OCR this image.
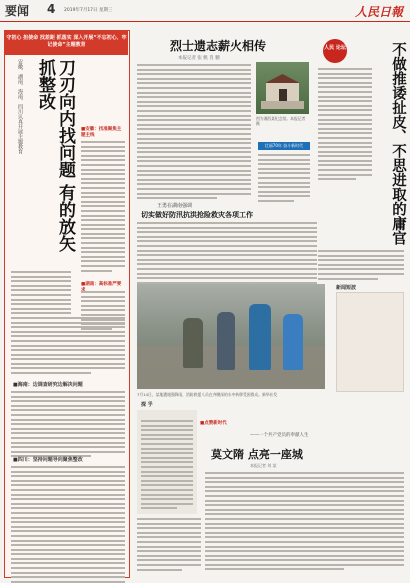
要闻 4 2019年7月17日 星期三	人民日報
守初心 担使命 找差距 抓落实 深入开展“不忘初心、牢记使命”主题教育
安徽、湖南、海南、四川认真开展主题教育	刀刃向内找问题 有的放矢抓整改
■安徽：找准聚焦主题主线
■湖南：高标准严要
■海南：边调查研究边解决问题
■四川：坚持问题导向聚焦整改
烈士遗志薪火相传
本报记者 张 帆 肖 鹏
图为湘西某纪念馆。本报记者 摄
壮丽70年 奋斗新时代
人民 论坛	不做推诿扯皮、不思进取的庸官
王勇在湖南强调
切实做好防汛抗洪抢险救灾各项工作
7月14日，某地遭遇强降雨，消防救援人员在齐腰深的水中转移受困群众。新华社发
新闻短波
探 乎
■点赞新时代
——一个共产党员的奉献人生
莫文隋 点亮一座城
本报记者 刘 某
